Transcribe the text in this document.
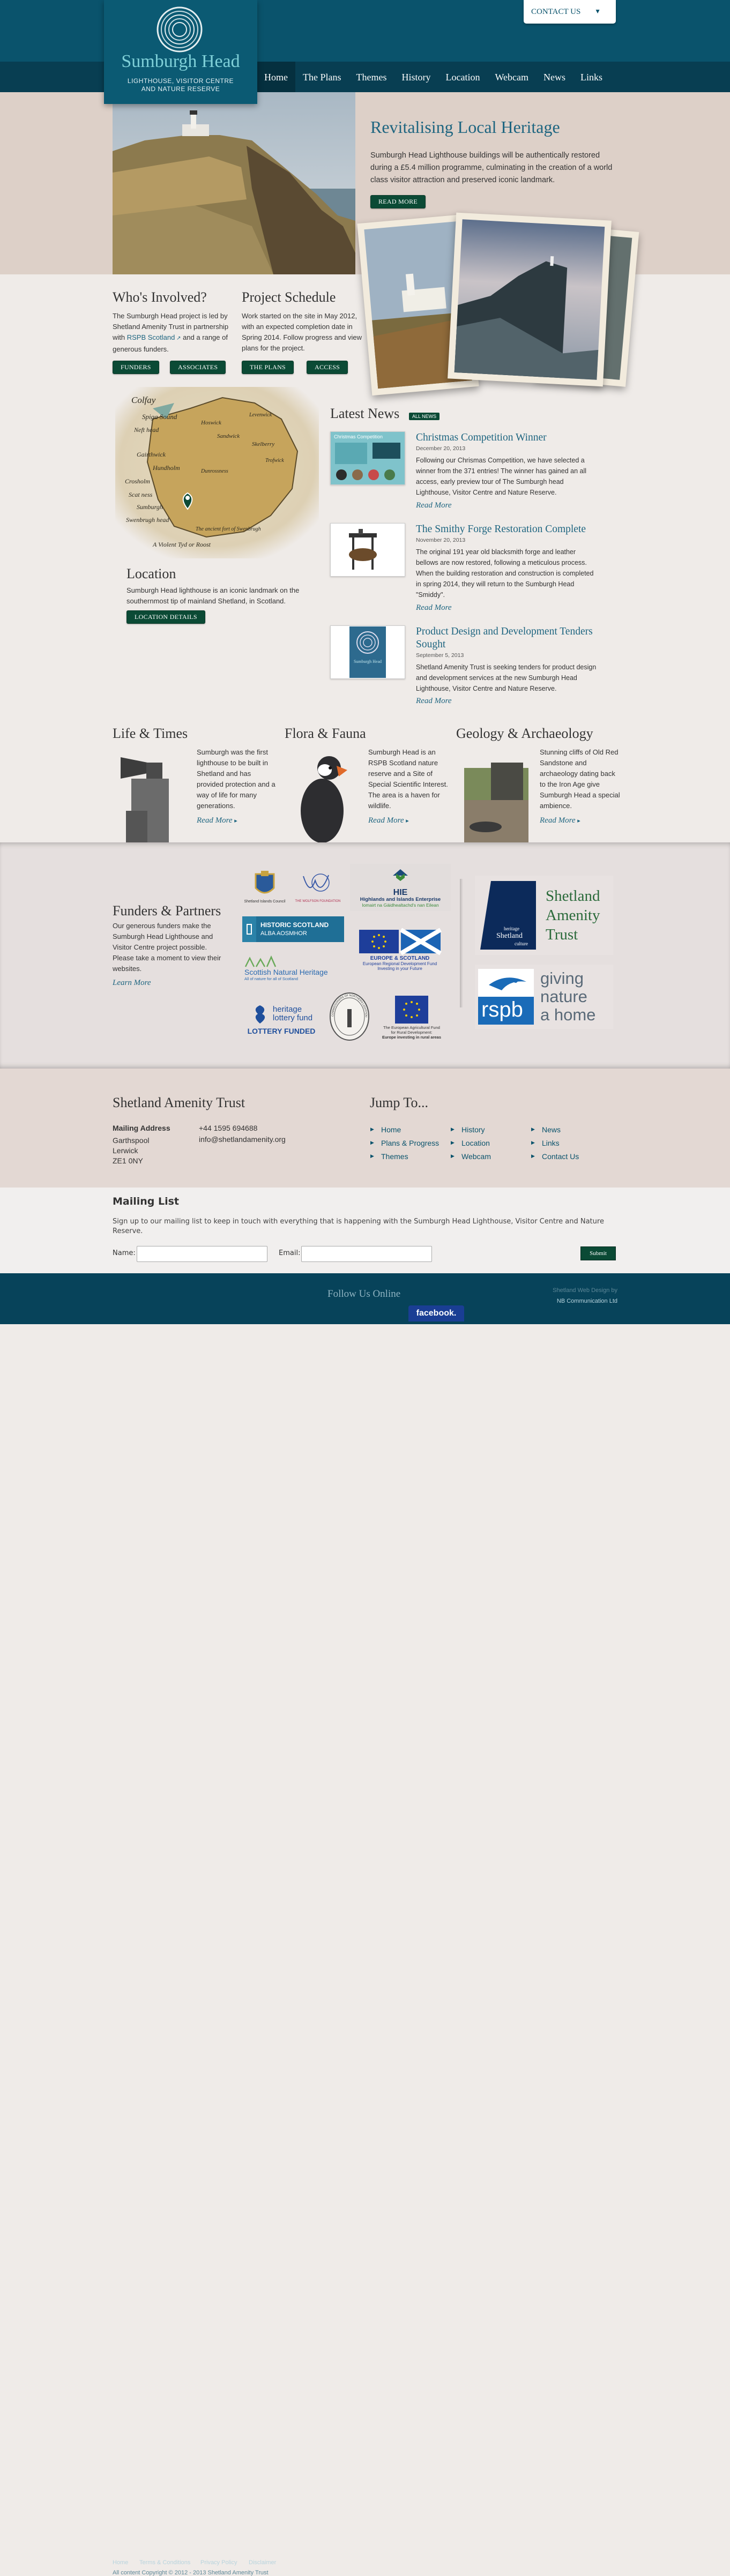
Sumburgh Head
LIGHTHOUSE, VISITOR CENTRE
AND NATURE RESERVE
CONTACT US ▼
Home	The Plans	Themes	History	Location	Webcam	News	Links
Revitalising Local Heritage

Sumburgh Head Lighthouse buildings will be authentically restored during a £5.4 million programme, culminating in the creation of a world class visitor attraction and preserved iconic landmark.

READ MORE
Who's Involved?

The Sumburgh Head project is led by Shetland Amenity Trust in partnership with RSPB Scotland ↗ and a range of generous funders.

FUNDERS	ASSOCIATES
Project Schedule

Work started on the site in May 2012, with an expected completion date in Spring 2014. Follow progress and view plans for the project.

THE PLANS	ACCESS
Colfay
Spiga Sound
Neft head
Hoswick
Sandwick
Levenwick
Skelberry
Gairthwick
Trofwick
Hundholm	Dunrossness
Crosholm
Scat ness
Sumburgh
Swenbrugh head
The ancient fort of Swenbrugh
A Violent Tyd or Roost
Location

Sumburgh Head lighthouse is an iconic landmark on the southernmost tip of mainland Shetland, in Scotland.

LOCATION DETAILS
Latest News	ALL NEWS
Christmas Competition	Christmas Competition Winner
December 20, 2013
Following our Chrismas Competition, we have selected a winner from the 371 entries! The winner has gained an all access, early preview tour of The Sumburgh head Lighthouse, Visitor Centre and Nature Reserve.
Read More
The Smithy Forge Restoration Complete
November 20, 2013
The original 191 year old blacksmith forge and leather bellows are now restored, following a meticulous process. When the building restoration and construction is completed in spring 2014, they will return to the Sumburgh Head "Smiddy".
Read More
Sumburgh Head
Product Design and Development Tenders Sought
September 5, 2013
Shetland Amenity Trust is seeking tenders for product design and development services at the new Sumburgh Head Lighthouse, Visitor Centre and Nature Reserve.
Read More
Life & Times

Sumburgh was the first lighthouse to be built in Shetland and has provided protection and a way of life for many generations.

Read More ▸
Flora & Fauna

Sumburgh Head is an RSPB Scotland nature reserve and a Site of Special Scientific Interest. The area is a haven for wildlife.

Read More ▸
Geology & Archaeology

Stunning cliffs of Old Red Sandstone and archaeology dating back to the Iron Age give Sumburgh Head a special ambience.

Read More ▸
Funders & Partners

Our generous funders make the Sumburgh Head Lighthouse and Visitor Centre project possible. Please take a moment to view their websites.

Learn More
Shetland Islands Council	THE WOLFSON FOUNDATION
HIE
Highlands and Islands Enterprise
Iomairt na Gàidhealtachd's nan Eilean
HISTORIC SCOTLAND
ALBA AOSMHOR
EUROPE & SCOTLAND
European Regional Development Fund
Investing in your Future
Scottish Natural Heritage
All of nature for all of Scotland
heritage
lottery fund
LOTTERY FUNDED
COMMISSIONERS OF NORTHERN LIGHTHOU
The European Agricultural Fund
for Rural Development:
Europe investing in rural areas
heritage
Shetland
culture
Shetland Amenity Trust
rspb
giving
nature
a home
Shetland Amenity Trust
Mailing Address
Garthspool
Lerwick
ZE1 0NY
+44 1595 694688
info@shetlandamenity.org
Jump To...
▶ Home
▶ Plans & Progress
▶ Themes
▶ History
▶ Location
▶ Webcam
▶ News
▶ Links
▶ Contact Us
Mailing List

Sign up to our mailing list to keep in touch with everything that is happening with the Sumburgh Head Lighthouse, Visitor Centre and Nature Reserve.

Name:	Email:	Submit
Home Terms & Conditions Privacy Policy Disclaimer
All content Copyright © 2012 - 2013 Shetland Amenity Trust
Follow Us Online
facebook.
Shetland Web Design by
NB Communication Ltd
